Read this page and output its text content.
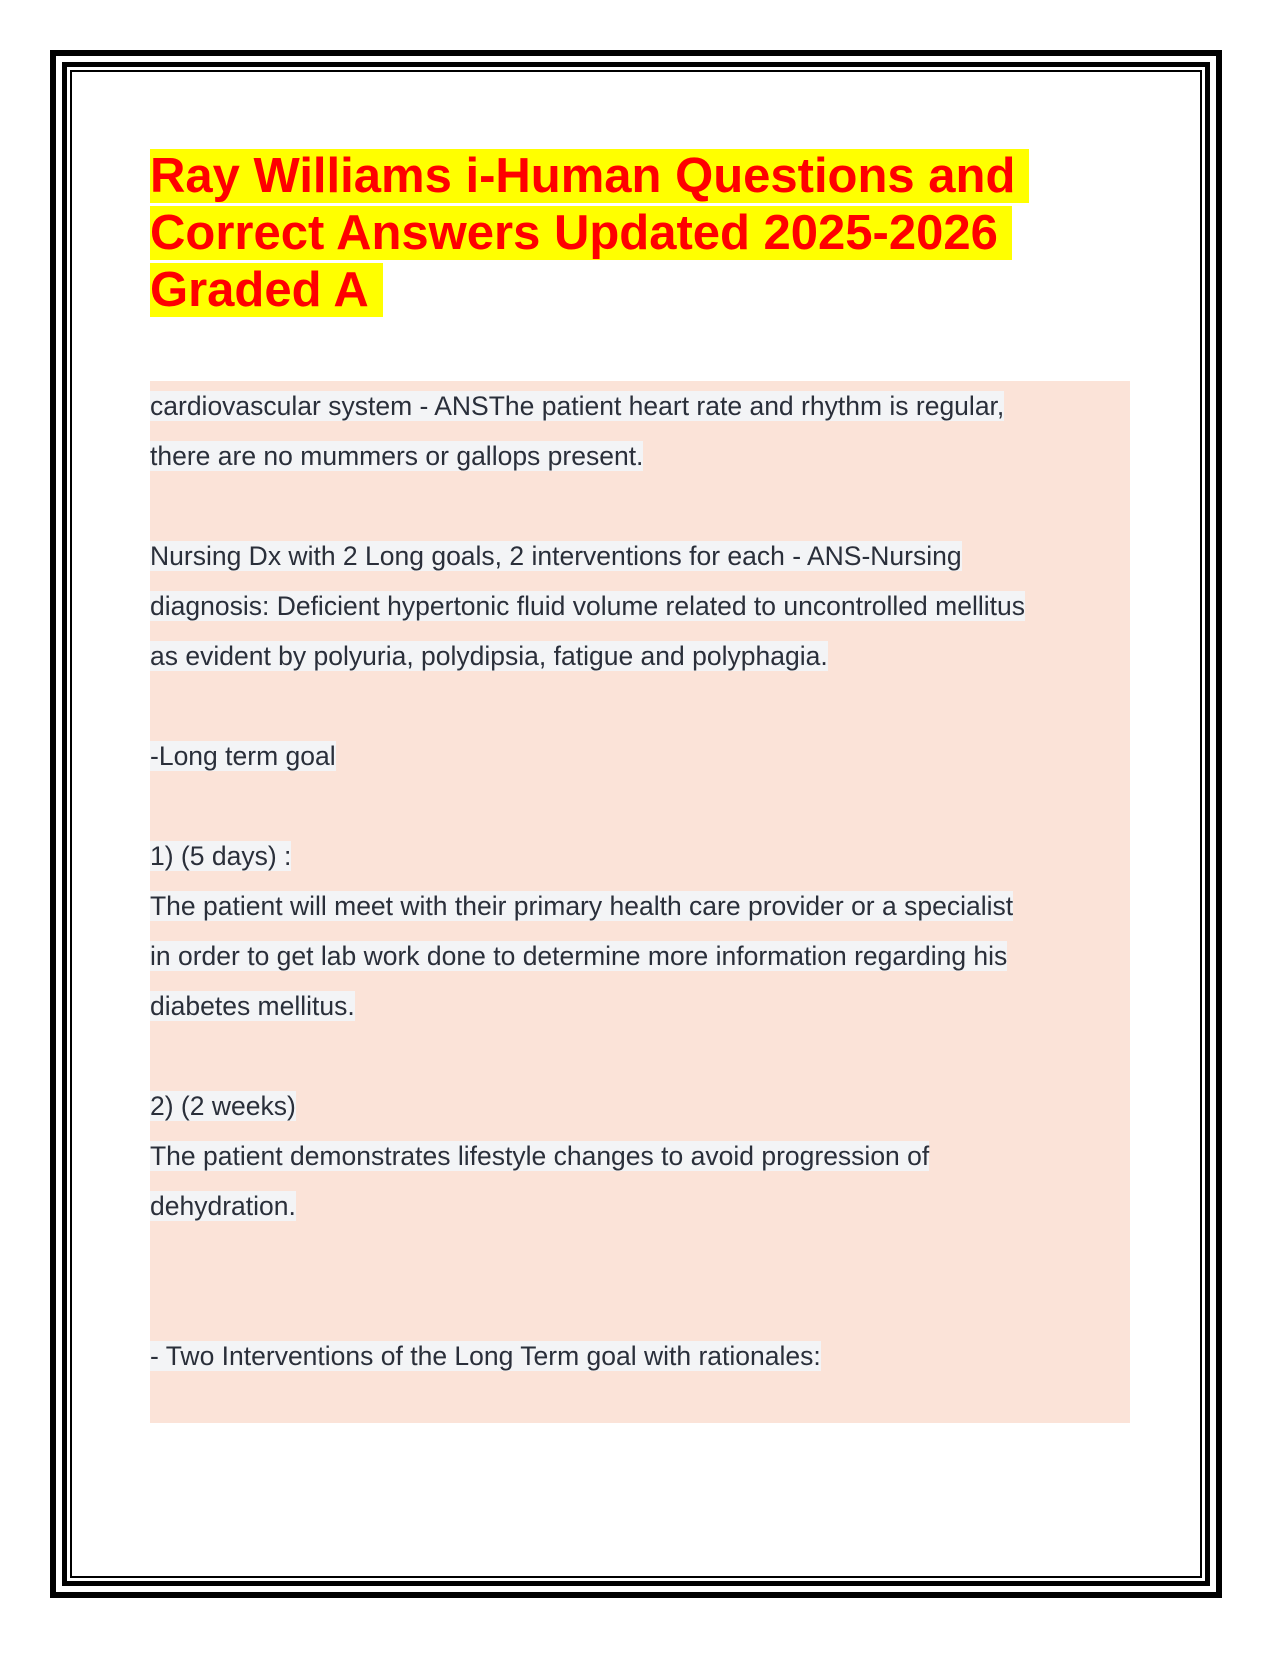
Ray Williams i-Human Questions and
Correct Answers Updated 2025-2026
Graded A

cardiovascular system - ANSThe patient heart rate and rhythm is regular,

there are no mummers or gallops present.

Nursing Dx with 2 Long goals, 2 interventions for each - ANS-Nursing

diagnosis: Deficient hypertonic fluid volume related to uncontrolled mellitus

as evident by polyuria, polydipsia, fatigue and polyphagia.

-Long term goal

1) (5 days) :

The patient will meet with their primary health care provider or a specialist

in order to get lab work done to determine more information regarding his

diabetes mellitus.

2) (2 weeks)

The patient demonstrates lifestyle changes to avoid progression of

dehydration.

- Two Interventions of the Long Term goal with rationales:
